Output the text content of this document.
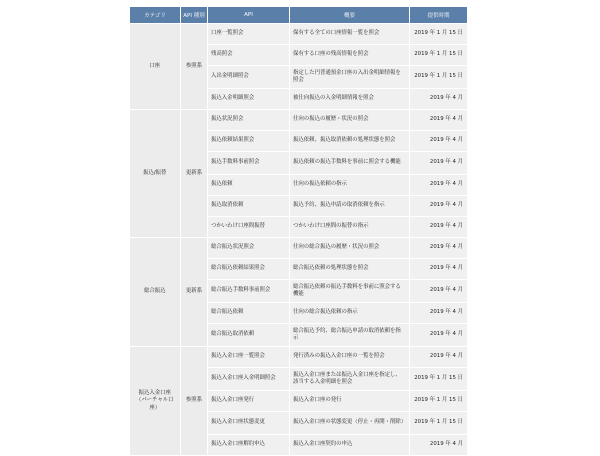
カテゴリ	API 種別	API	概要	提供時期
口座	参照系	口座一覧照会	保有する全ての口座情報一覧を照会	2019 年 1 月 15 日
		残高照会	保有する口座の残高情報を照会	2019 年 1 月 15 日
		入出金明細照会	指定した円普通預金口座の入出金明細情報を照会	2019 年 1 月 15 日
		振込入金明細照会	被仕向振込の入金明細情報を照会	2019 年 4 月
振込/振替	更新系	振込状況照会	仕向の振込の履歴・状況の照会	2019 年 4 月
		振込依頼結果照会	振込依頼、振込取消依頼の処理状態を照会	2019 年 4 月
		振込手数料事前照会	振込依頼の振込手数料を事前に照会する機能	2019 年 4 月
		振込依頼	仕向の振込依頼の指示	2019 年 4 月
		振込取消依頼	振込予約、振込申請の取消依頼を指示	2019 年 4 月
		つかいわけ口座間振替	つかいわけ口座間の振替の指示	2019 年 4 月
総合振込	更新系	総合振込状況照会	仕向の総合振込の履歴・状況の照会	2019 年 4 月
		総合振込依頼結果照会	総合振込依頼の処理状態を照会	2019 年 4 月
		総合振込手数料事前照会	総合振込依頼の振込手数料を事前に照会する機能	2019 年 4 月
		総合振込依頼	仕向の総合振込依頼の指示	2019 年 4 月
		総合振込取消依頼	総合振込予約、総合振込申請の取消依頼を指示	2019 年 4 月
振込入金口座
（バーチャル口座）	参照系	振込入金口座一覧照会	発行済みの振込入金口座の一覧を照会	2019 年 4 月
		振込入金口座入金明細照会	振込入金口座または振込入金口座を指定し、該当する入金明細を照会	2019 年 1 月 15 日
		振込入金口座発行	振込入金口座の発行	2019 年 1 月 15 日
		振込入金口座状態変更	振込入金口座の状態変更（停止・再開・削除）	2019 年 1 月 15 日
		振込入金口座解約申込	振込入金口座契約の申込	2019 年 4 月
